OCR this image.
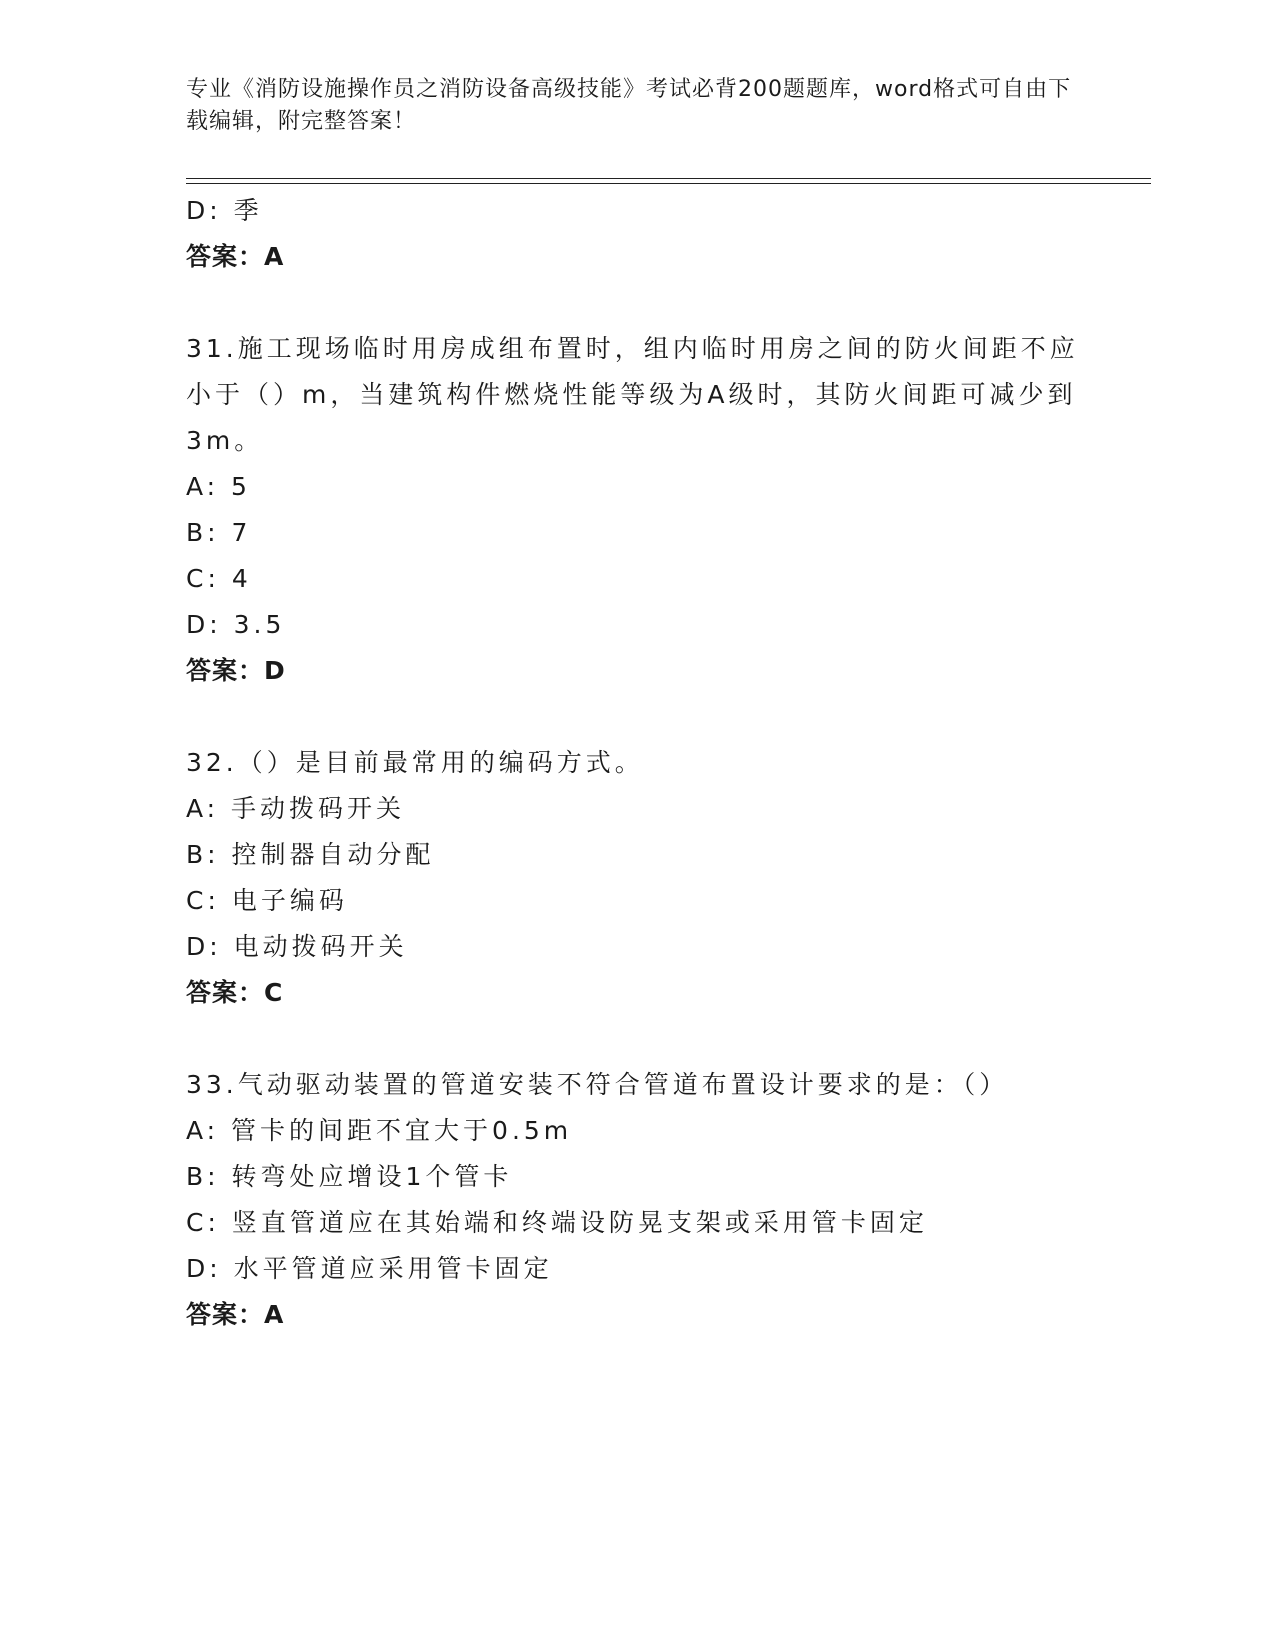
专业《消防设施操作员之消防设备高级技能》考试必背200题题库，word格式可自由下载编辑，附完整答案！
D: 季
答案：A
31.施工现场临时用房成组布置时，组内临时用房之间的防火间距不应小于（）m，当建筑构件燃烧性能等级为A级时，其防火间距可减少到3m。
A: 5
B: 7
C: 4
D: 3.5
答案：D
32.（）是目前最常用的编码方式。
A: 手动拨码开关
B: 控制器自动分配
C: 电子编码
D: 电动拨码开关
答案：C
33.气动驱动装置的管道安装不符合管道布置设计要求的是：（）
A: 管卡的间距不宜大于0.5m
B: 转弯处应增设1个管卡
C: 竖直管道应在其始端和终端设防晃支架或采用管卡固定
D: 水平管道应采用管卡固定
答案：A
